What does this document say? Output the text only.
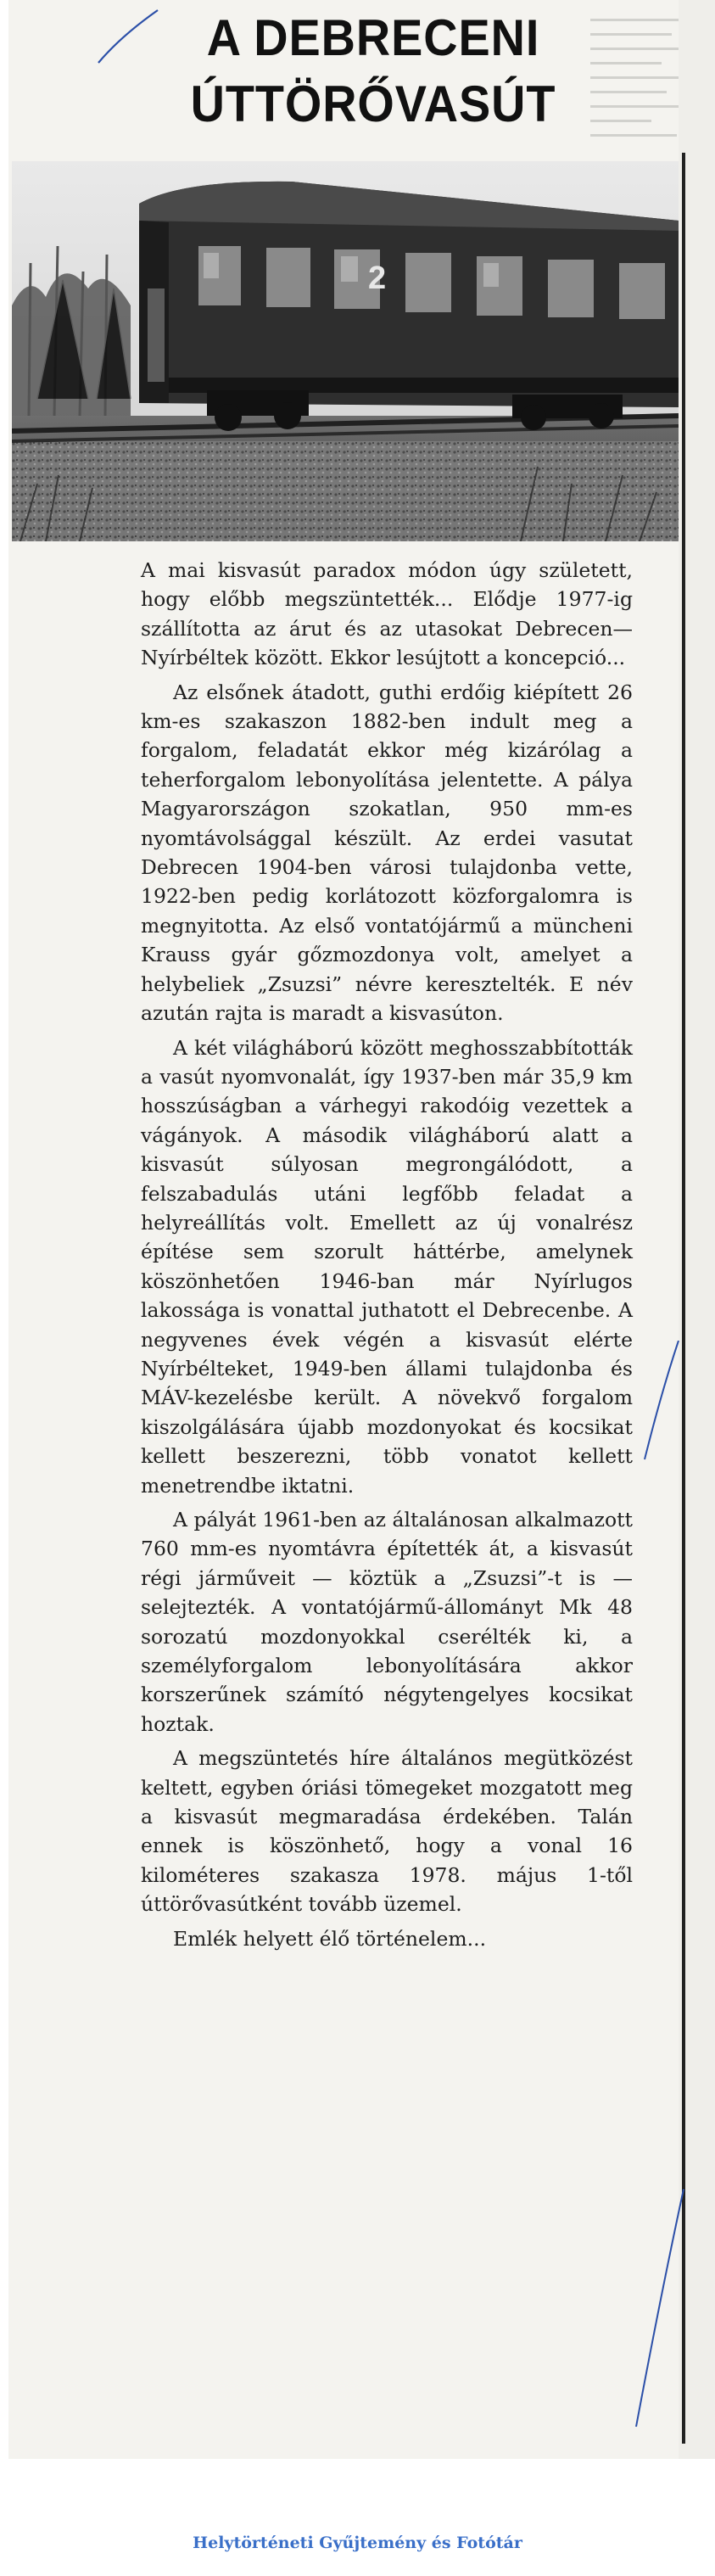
A DEBRECENI
ÚTTÖRŐVASÚT
2

A mai kisvasút paradox módon úgy született, hogy előbb megszüntették... Elődje 1977-ig szállította az árut és az utasokat Debrecen—Nyírbéltek között. Ekkor lesújtott a koncepció...

Az elsőnek átadott, guthi erdőig kiépített 26 km-es szakaszon 1882-ben indult meg a forgalom, feladatát ekkor még kizárólag a teherforgalom lebonyolítása jelentette. A pálya Magyarországon szokatlan, 950 mm-es nyomtávolsággal készült. Az erdei vasutat Debrecen 1904-ben városi tulajdonba vette, 1922-ben pedig korlátozott közforgalomra is megnyitotta. Az első vontatójármű a müncheni Krauss gyár gőzmozdonya volt, amelyet a helybeliek „Zsuzsi” névre keresztelték. E név azután rajta is maradt a kisvasúton.

A két világháború között meghosszabbították a vasút nyomvonalát, így 1937-ben már 35,9 km hosszúságban a várhegyi rakodóig vezettek a vágányok. A második világháború alatt a kisvasút súlyosan megrongálódott, a felszabadulás utáni legfőbb feladat a helyreállítás volt. Emellett az új vonalrész építése sem szorult háttérbe, amelynek köszönhetően 1946-ban már Nyírlugos lakossága is vonattal juthatott el Debrecenbe. A negyvenes évek végén a kisvasút elérte Nyírbélteket, 1949-ben állami tulajdonba és MÁV-kezelésbe került. A növekvő forgalom kiszolgálására újabb mozdonyokat és kocsikat kellett beszerezni, több vonatot kellett menetrendbe iktatni.

A pályát 1961-ben az általánosan alkalmazott 760 mm-es nyomtávra építették át, a kisvasút régi járműveit — köztük a „Zsuzsi”-t is — selejtezték. A vontatójármű-állományt Mk 48 sorozatú mozdonyokkal cserélték ki, a személyforgalom lebonyolítására akkor korszerűnek számító négytengelyes kocsikat hoztak.

A megszüntetés híre általános megütközést keltett, egyben óriási tömegeket mozgatott meg a kisvasút megmaradása érdekében. Talán ennek is köszönhető, hogy a vonal 16 kilométeres szakasza 1978. május 1-től úttörővasútként tovább üzemel.

Emlék helyett élő történelem...

Helytörténeti Gyűjtemény és Fotótár
